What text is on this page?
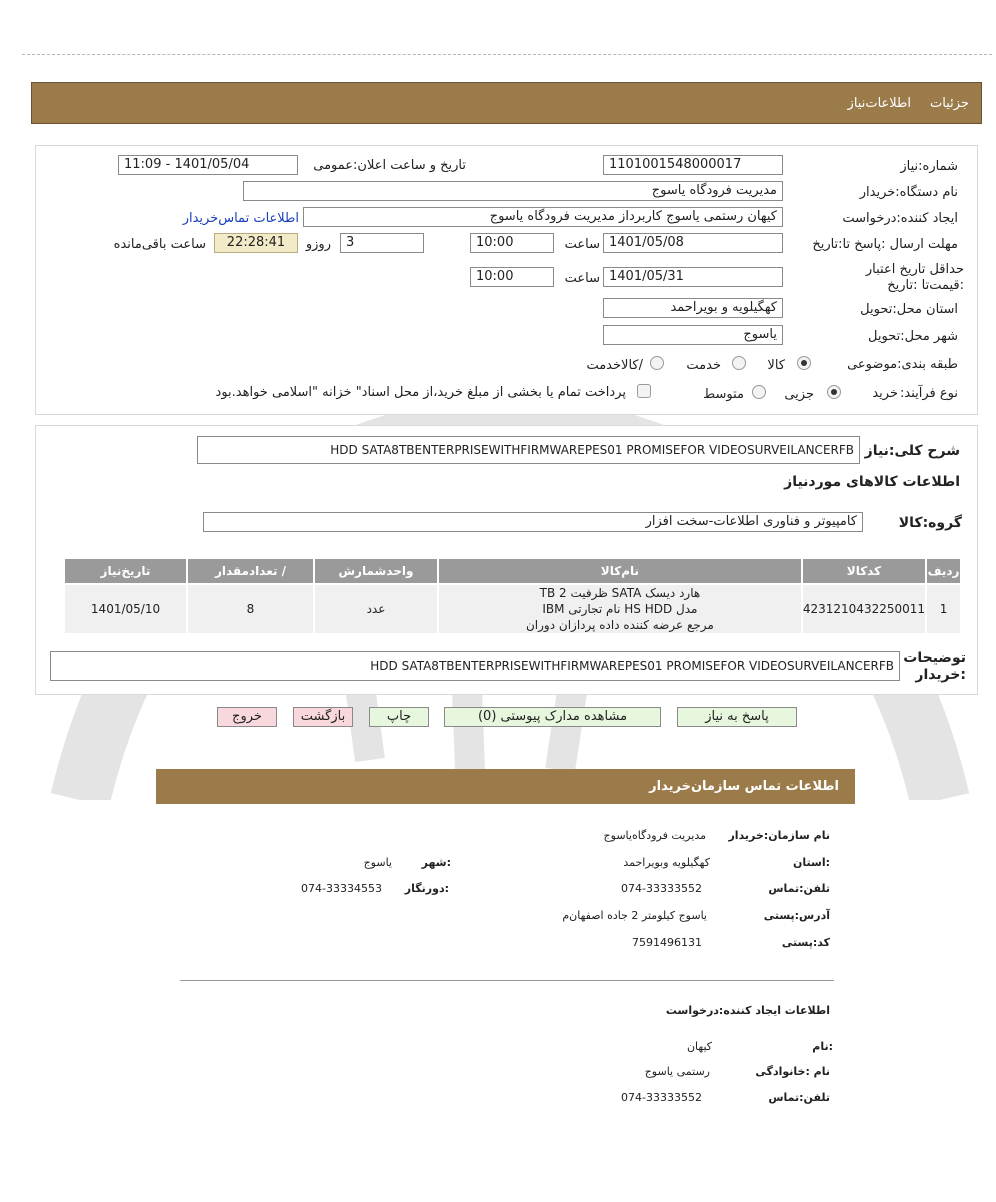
جزئیات
اطلاعات‌نیاز
شماره:نیاز
1101001548000017
تاریخ و ساعت اعلان:عمومی
1401/05/04 - 11:09
نام دستگاه:خریدار
مدیریت فرودگاه یاسوج
ایجاد کننده:درخواست
کیهان رستمی یاسوج کاربرداز مدیریت فرودگاه یاسوج
اطلاعات تماس‌خریدار
مهلت ارسال :پاسخ تا:تاریخ
1401/05/08
ساعت
10:00
3
روزو
22:28:41
ساعت باقی‌مانده
حداقل تاریخ اعتبار :قیمت‌تا :تاریخ
1401/05/31
ساعت
10:00
استان محل:تحویل
کهگیلویه و بویراحمد
شهر محل:تحویل
یاسوج
طبقه بندی:موضوعی
کالا
خدمت
/کالاخدمت
نوع فرآیند:
خرید
جزیی
متوسط
پرداخت تمام یا بخشی از مبلغ خرید،از محل اسناد" خزانه "اسلامی خواهد.بود
شرح کلی:نیاز
HDD SATA8TBENTERPRISEWITHFIRMWAREPES01 PROMISEFOR VIDEOSURVEILANCERFB
اطلاعات کالاهای موردنیاز
گروه:کالا
کامپیوتر و فناوری اطلاعات-سخت افزار
ردیف	کدکالا	نام‌کالا	واحدشمارش	/ تعدادمقدار	تاریخ‌نیاز
1	4231210432250011	هارد دیسک SATA ظرفیت 2 TB
مدل HS HDD نام تجارتی IBM
مرجع عرضه کننده داده پردازان دوران	عدد	8	1401/05/10
توضیحات :خریدار
HDD SATA8TBENTERPRISEWITHFIRMWAREPES01 PROMISEFOR VIDEOSURVEILANCERFB
پاسخ به نیاز
مشاهده مدارک پیوستی (0)
چاپ
بازگشت
خروج
اطلاعات تماس سازمان‌خریدار
نام سازمان:خریدار
مدیریت فرودگاه‌یاسوج
:استان
کهگیلویه وبویراحمد
:شهر
یاسوج
تلفن:تماس
074-33333552
:دورنگار
074-33334553
آدرس:پستی
یاسوج کیلومتر 2 جاده اصفهان‌م
کد:پستی
7591496131
اطلاعات ایجاد کننده:درخواست
:نام
کیهان
نام :خانوادگی
رستمی یاسوج
تلفن:تماس
074-33333552
